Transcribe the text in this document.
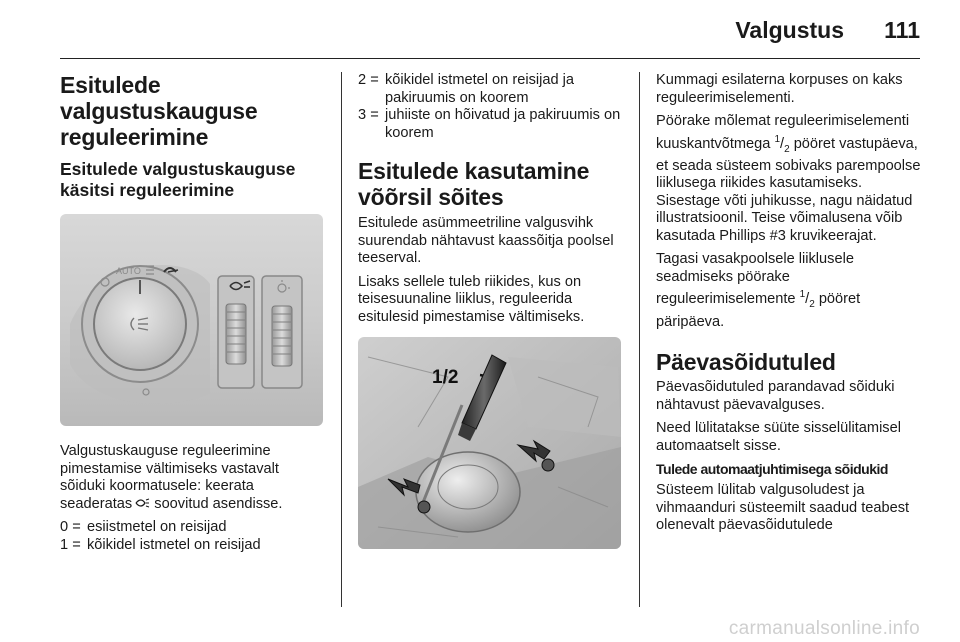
Valgustus 111
Esitulede valgustuskauguse reguleerimine
Esitulede valgustuskauguse käsitsi reguleerimine
AUTO

Valgustuskauguse reguleerimine pimestamise vältimiseks vastavalt sõiduki koormatusele: keerata seaderatas soovitud asendisse.

0 =	esiistmetel on reisijad
1 =	kõikidel istmetel on reisijad
2 =	kõikidel istmetel on reisijad ja pakiruumis on koorem
3 =	juhiiste on hõivatud ja pakiruumis on koorem
Esitulede kasutamine võõrsil sõites

Esitulede asümmeetriline valgusvihk suurendab nähtavust kaassõitja poolsel teeserval.

Lisaks sellele tuleb riikides, kus on teisesuunaline liiklus, reguleerida esitulesid pimestamise vältimiseks.

1/2

Kummagi esilaterna korpuses on kaks reguleerimiselementi.

Pöörake mõlemat reguleerimiselementi kuuskantvõtmega $^1/_2$ pööret vastupäeva, et seada süsteem sobivaks parempoolse liiklusega riikides kasutamiseks. Sisestage võti juhikusse, nagu näidatud illustratsioonil. Teise võimalusena võib kasutada Phillips #3 kruvikeerajat.

Tagasi vasakpoolsele liiklusele seadmiseks pöörake reguleerimiselemente $^1/_2$ pööret päripäeva.

Päevasõidutuled

Päevasõidutuled parandavad sõiduki nähtavust päevavalguses.

Need lülitatakse süüte sisselülitamisel automaatselt sisse.

Tulede automaatjuhtimisega sõidukid

Süsteem lülitab valgusoludest ja vihmaanduri süsteemilt saadud teabest olenevalt päevasõidutulede

carmanualsonline.info
